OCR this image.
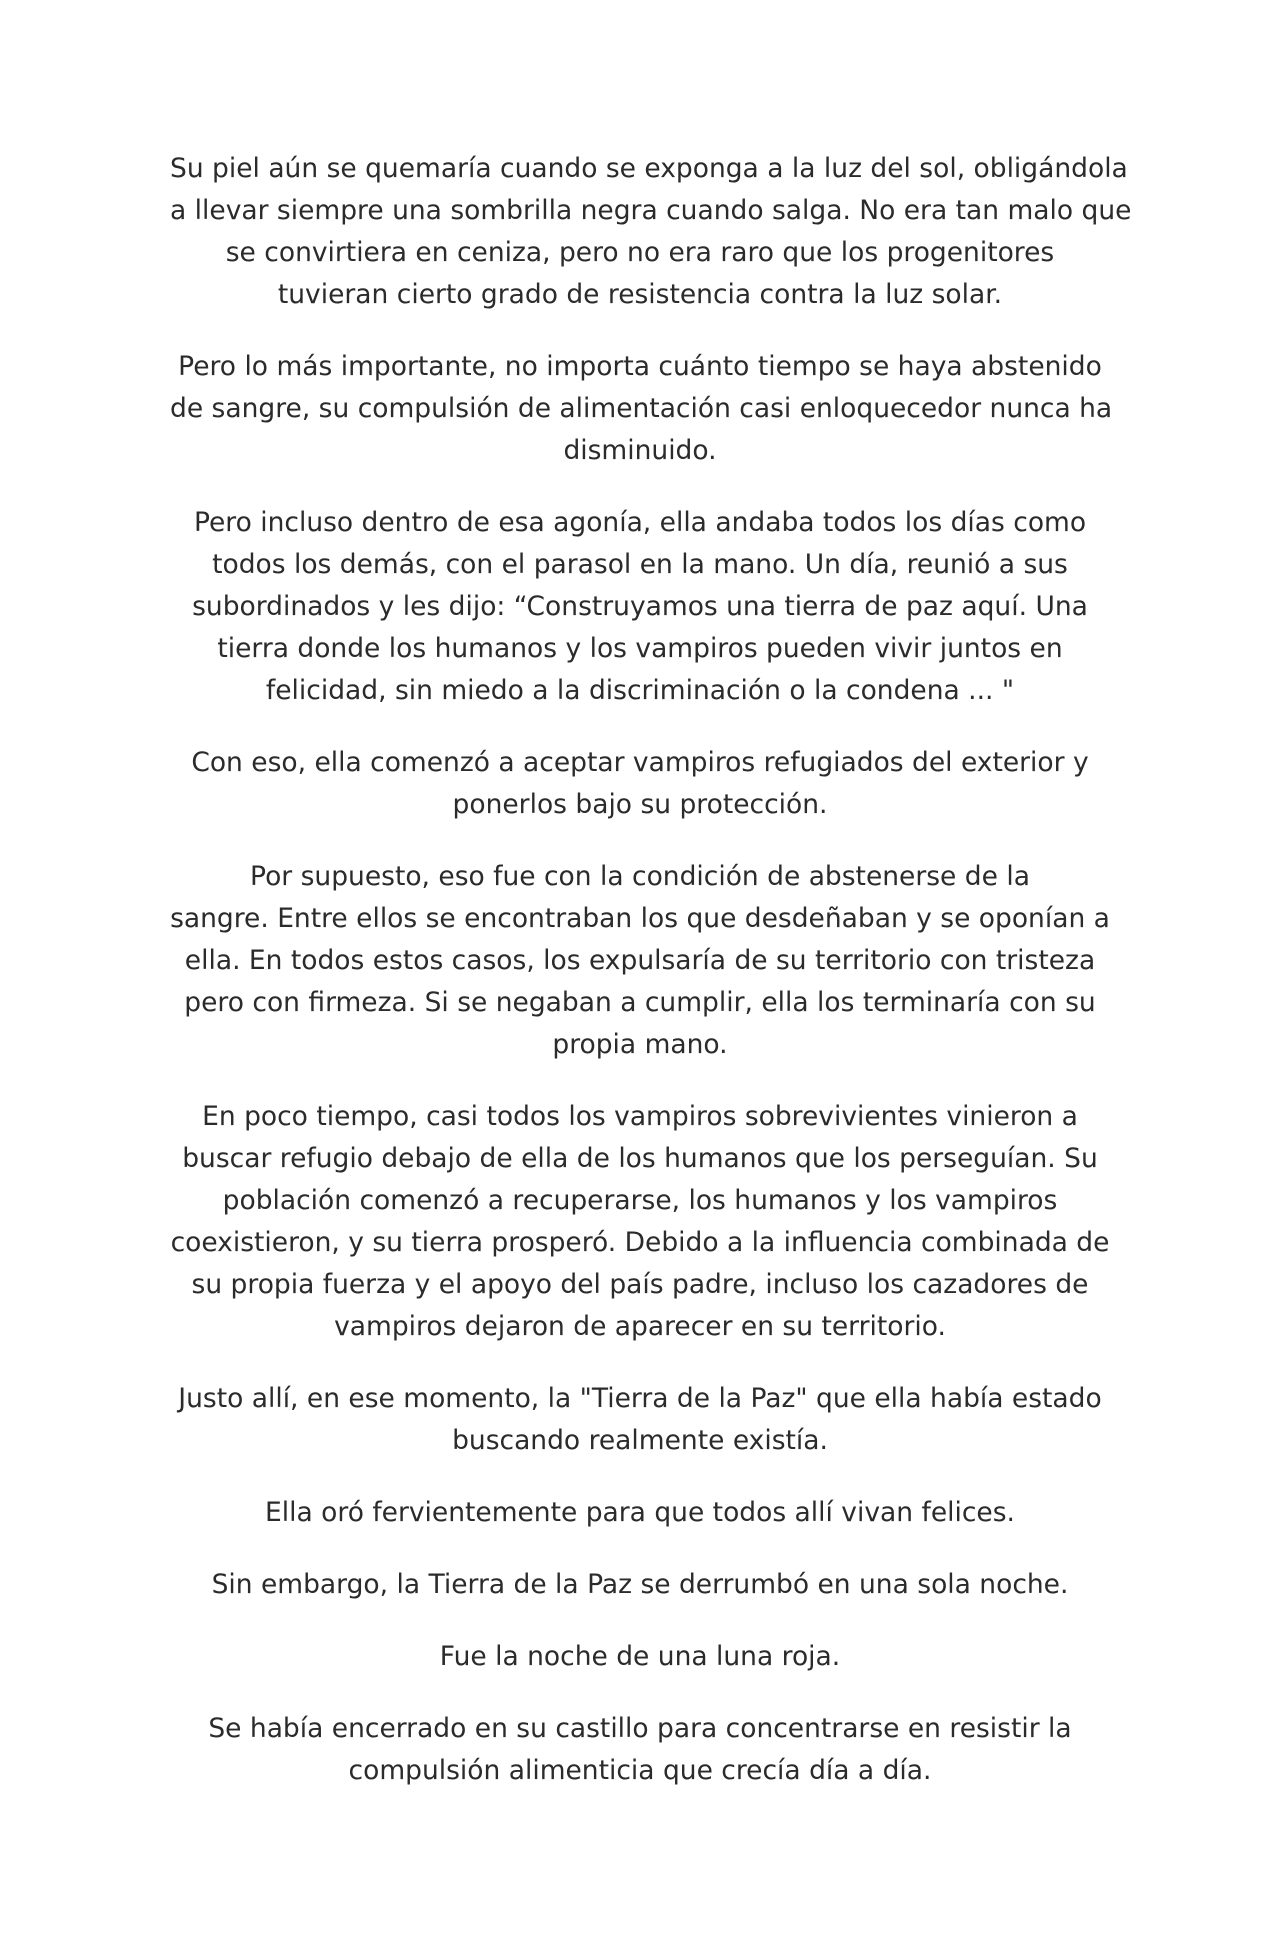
Su piel aún se quemaría cuando se exponga a la luz del sol, obligándola
a llevar siempre una sombrilla negra cuando salga. No era tan malo que
se convirtiera en ceniza, pero no era raro que los progenitores
tuvieran cierto grado de resistencia contra la luz solar.

Pero lo más importante, no importa cuánto tiempo se haya abstenido
de sangre, su compulsión de alimentación casi enloquecedor nunca ha
disminuido.

Pero incluso dentro de esa agonía, ella andaba todos los días como
todos los demás, con el parasol en la mano. Un día, reunió a sus
subordinados y les dijo: “Construyamos una tierra de paz aquí. Una
tierra donde los humanos y los vampiros pueden vivir juntos en
felicidad, sin miedo a la discriminación o la condena ... "

Con eso, ella comenzó a aceptar vampiros refugiados del exterior y
ponerlos bajo su protección.

Por supuesto, eso fue con la condición de abstenerse de la
sangre. Entre ellos se encontraban los que desdeñaban y se oponían a
ella. En todos estos casos, los expulsaría de su territorio con tristeza
pero con firmeza. Si se negaban a cumplir, ella los terminaría con su
propia mano.

En poco tiempo, casi todos los vampiros sobrevivientes vinieron a
buscar refugio debajo de ella de los humanos que los perseguían. Su
población comenzó a recuperarse, los humanos y los vampiros
coexistieron, y su tierra prosperó. Debido a la influencia combinada de
su propia fuerza y el apoyo del país padre, incluso los cazadores de
vampiros dejaron de aparecer en su territorio.

Justo allí, en ese momento, la "Tierra de la Paz" que ella había estado
buscando realmente existía.

Ella oró fervientemente para que todos allí vivan felices.

Sin embargo, la Tierra de la Paz se derrumbó en una sola noche.

Fue la noche de una luna roja.

Se había encerrado en su castillo para concentrarse en resistir la
compulsión alimenticia que crecía día a día.
